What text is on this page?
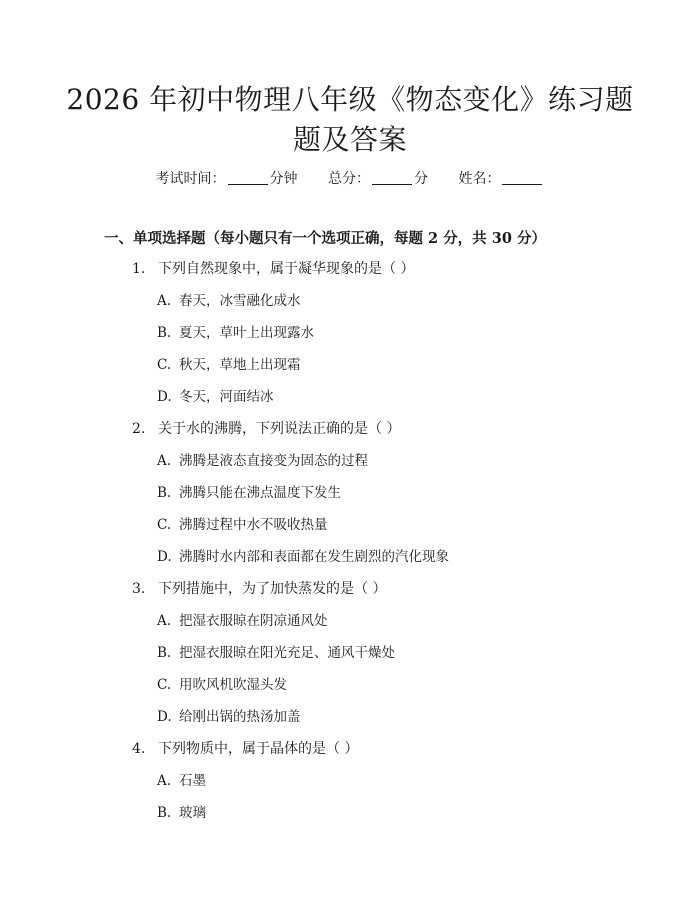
2026 年初中物理八年级《物态变化》练习题
题及答案
考试时间：	分钟 总分：	分 姓名：
一、单项选择题（每小题只有一个选项正确，每题 2 分，共 30 分）
1. 下列自然现象中，属于凝华现象的是（ ）
A. 春天，冰雪融化成水
B. 夏天，草叶上出现露水
C. 秋天，草地上出现霜
D. 冬天，河面结冰
2. 关于水的沸腾，下列说法正确的是（ ）
A. 沸腾是液态直接变为固态的过程
B. 沸腾只能在沸点温度下发生
C. 沸腾过程中水不吸收热量
D. 沸腾时水内部和表面都在发生剧烈的汽化现象
3. 下列措施中，为了加快蒸发的是（ ）
A. 把湿衣服晾在阴凉通风处
B. 把湿衣服晾在阳光充足、通风干燥处
C. 用吹风机吹湿头发
D. 给刚出锅的热汤加盖
4. 下列物质中，属于晶体的是（ ）
A. 石墨
B. 玻璃
